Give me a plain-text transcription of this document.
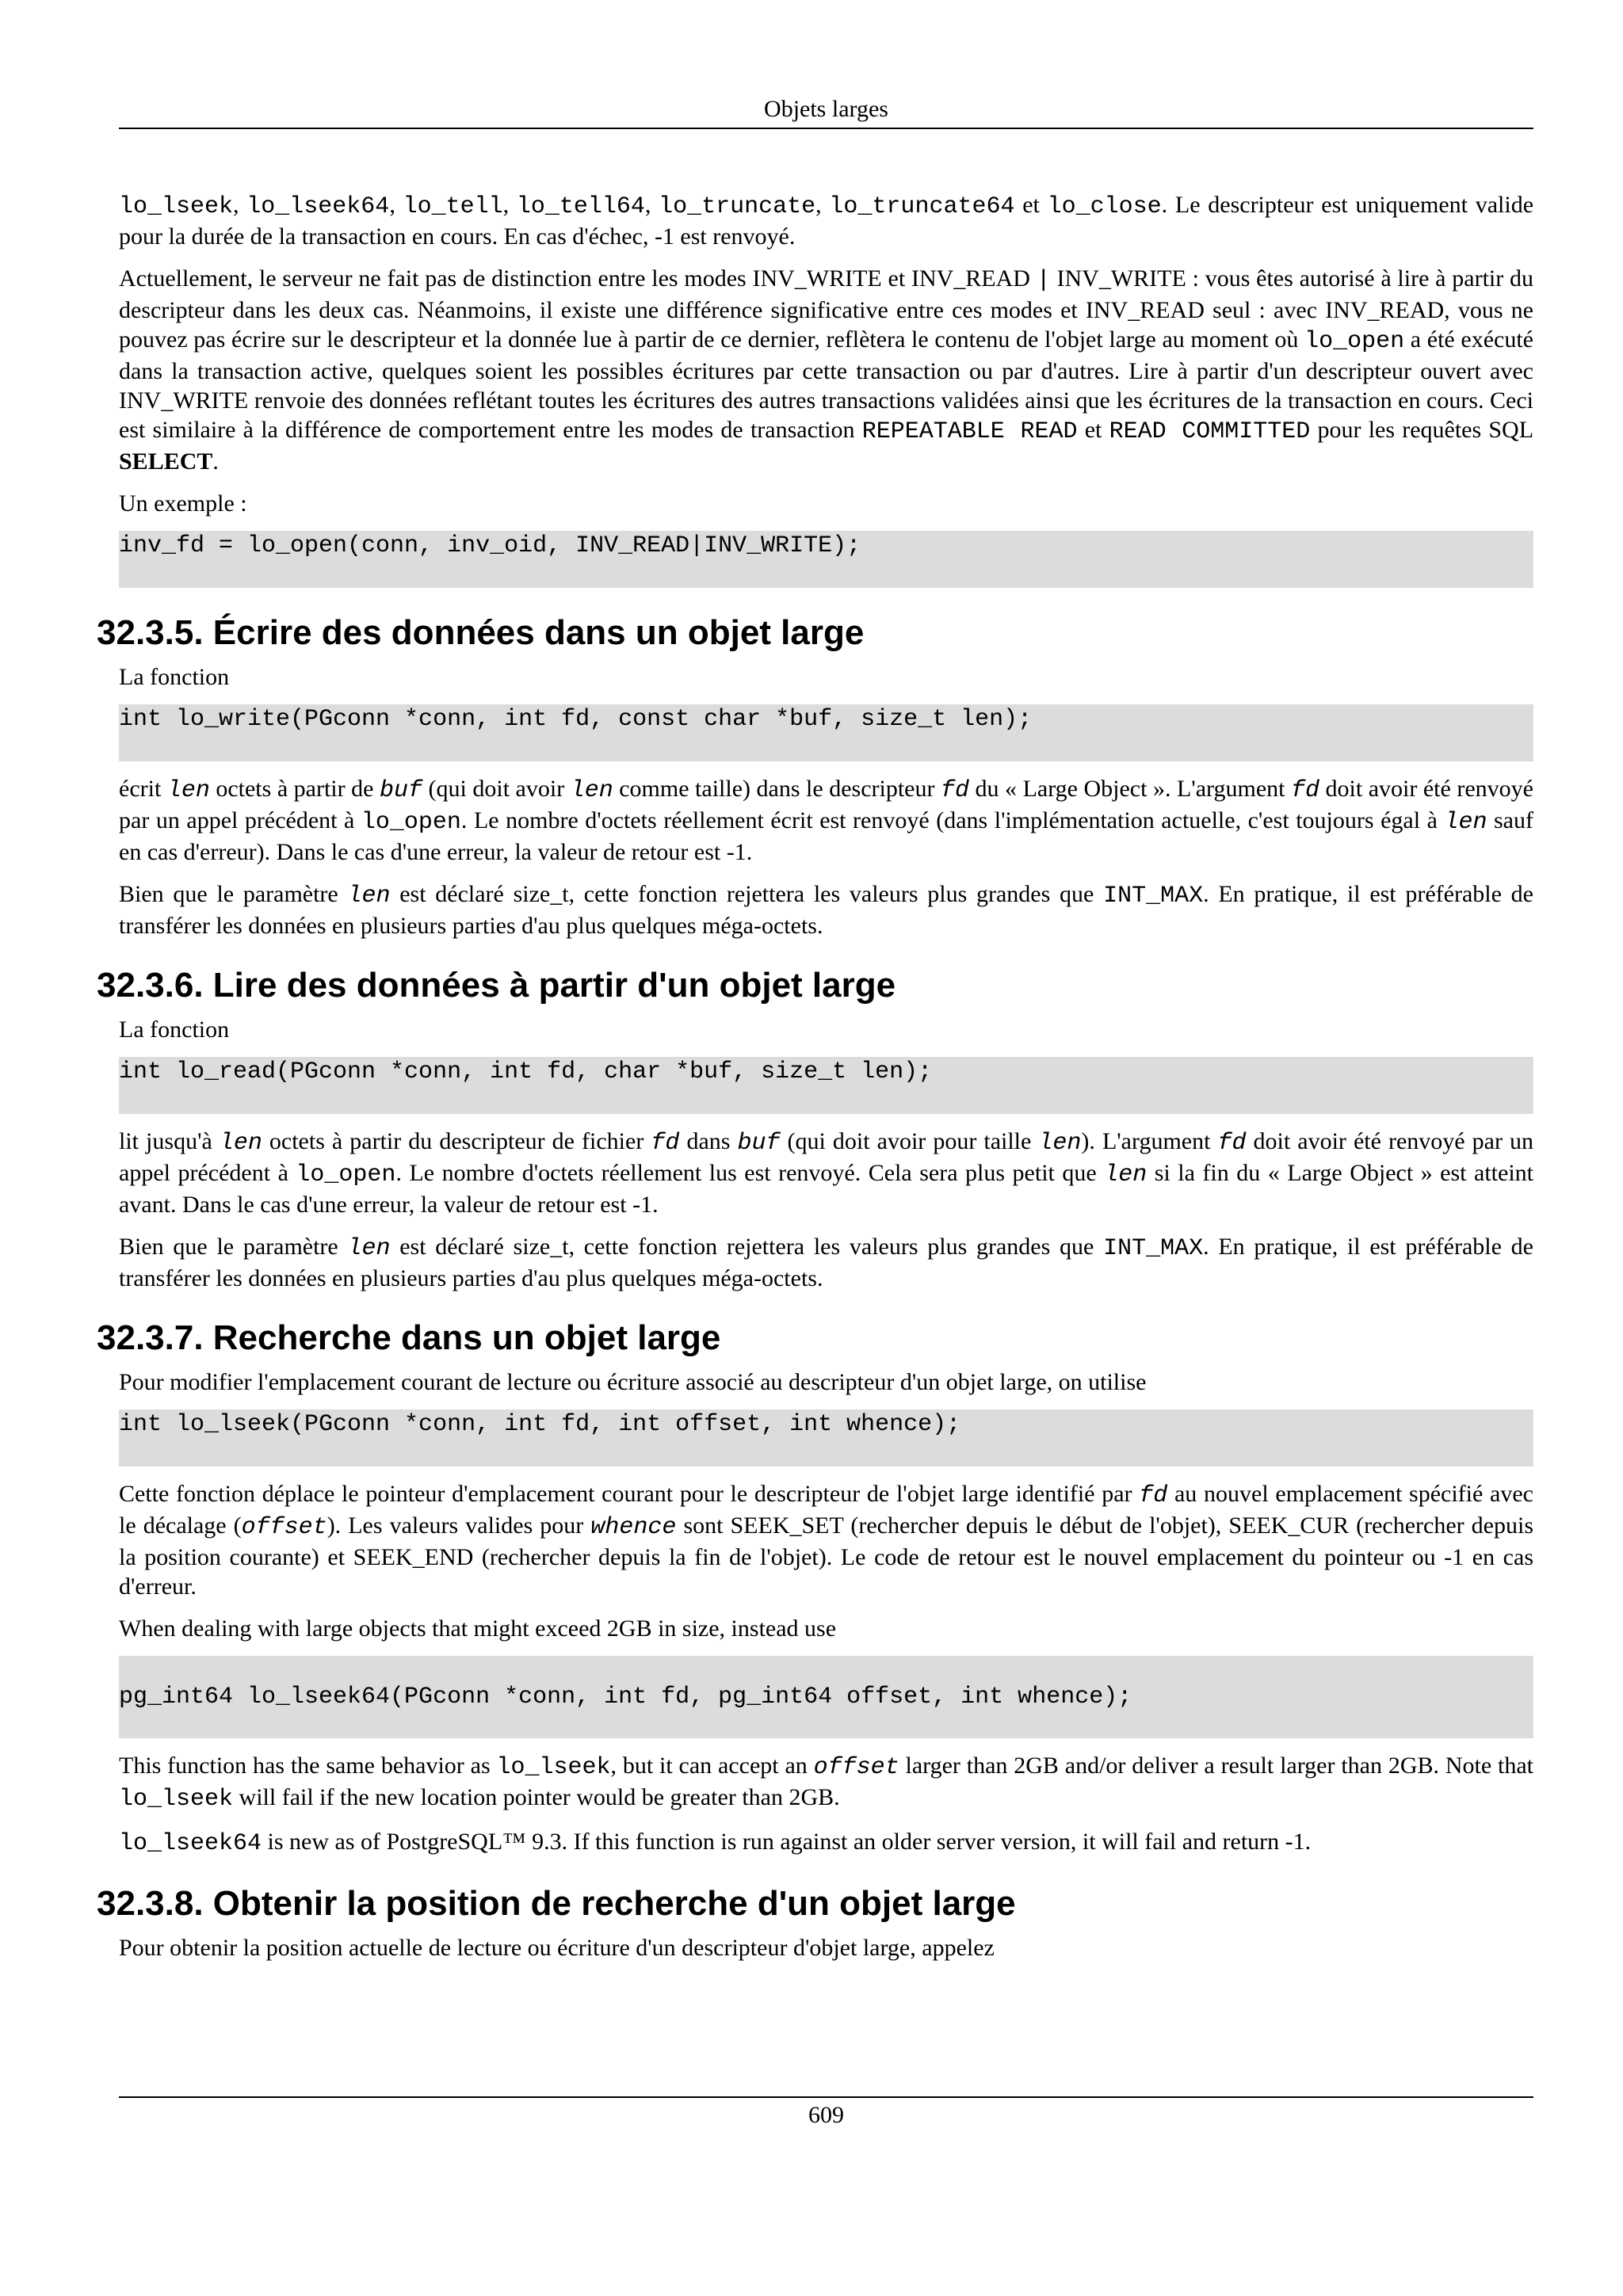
Objets larges

lo_lseek, lo_lseek64, lo_tell, lo_tell64, lo_truncate, lo_truncate64 et lo_close. Le descripteur est uniquement valide pour la durée de la transaction en cours. En cas d'échec, -1 est renvoyé.

Actuellement, le serveur ne fait pas de distinction entre les modes INV_WRITE et INV_READ | INV_WRITE : vous êtes autorisé à lire à partir du descripteur dans les deux cas. Néanmoins, il existe une différence significative entre ces modes et INV_READ seul : avec INV_READ, vous ne pouvez pas écrire sur le descripteur et la donnée lue à partir de ce dernier, reflètera le contenu de l'objet large au moment où lo_open a été exécuté dans la transaction active, quelques soient les possibles écritures par cette transaction ou par d'autres. Lire à partir d'un descripteur ouvert avec INV_WRITE renvoie des données reflétant toutes les écritures des autres transactions validées ainsi que les écritures de la transaction en cours. Ceci est similaire à la différence de comportement entre les modes de transaction REPEATABLE READ et READ COMMITTED pour les requêtes SQL SELECT.

Un exemple :

inv_fd = lo_open(conn, inv_oid, INV_READ|INV_WRITE);
32.3.5. Écrire des données dans un objet large

La fonction

int lo_write(PGconn *conn, int fd, const char *buf, size_t len);

écrit len octets à partir de buf (qui doit avoir len comme taille) dans le descripteur fd du « Large Object ». L'argument fd doit avoir été renvoyé par un appel précédent à lo_open. Le nombre d'octets réellement écrit est renvoyé (dans l'implémentation actuelle, c'est toujours égal à len sauf en cas d'erreur). Dans le cas d'une erreur, la valeur de retour est -1.

Bien que le paramètre len est déclaré size_t, cette fonction rejettera les valeurs plus grandes que INT_MAX. En pratique, il est préférable de transférer les données en plusieurs parties d'au plus quelques méga-octets.

32.3.6. Lire des données à partir d'un objet large

La fonction

int lo_read(PGconn *conn, int fd, char *buf, size_t len);

lit jusqu'à len octets à partir du descripteur de fichier fd dans buf (qui doit avoir pour taille len). L'argument fd doit avoir été renvoyé par un appel précédent à lo_open. Le nombre d'octets réellement lus est renvoyé. Cela sera plus petit que len si la fin du « Large Object » est atteint avant. Dans le cas d'une erreur, la valeur de retour est -1.

Bien que le paramètre len est déclaré size_t, cette fonction rejettera les valeurs plus grandes que INT_MAX. En pratique, il est préférable de transférer les données en plusieurs parties d'au plus quelques méga-octets.

32.3.7. Recherche dans un objet large

Pour modifier l'emplacement courant de lecture ou écriture associé au descripteur d'un objet large, on utilise

int lo_lseek(PGconn *conn, int fd, int offset, int whence);

Cette fonction déplace le pointeur d'emplacement courant pour le descripteur de l'objet large identifié par fd au nouvel emplacement spécifié avec le décalage (offset). Les valeurs valides pour whence sont SEEK_SET (rechercher depuis le début de l'objet), SEEK_CUR (rechercher depuis la position courante) et SEEK_END (rechercher depuis la fin de l'objet). Le code de retour est le nouvel emplacement du pointeur ou -1 en cas d'erreur.

When dealing with large objects that might exceed 2GB in size, instead use

pg_int64 lo_lseek64(PGconn *conn, int fd, pg_int64 offset, int whence);

This function has the same behavior as lo_lseek, but it can accept an offset larger than 2GB and/or deliver a result larger than 2GB. Note that lo_lseek will fail if the new location pointer would be greater than 2GB.

lo_lseek64 is new as of PostgreSQL™ 9.3. If this function is run against an older server version, it will fail and return -1.

32.3.8. Obtenir la position de recherche d'un objet large

Pour obtenir la position actuelle de lecture ou écriture d'un descripteur d'objet large, appelez

609
